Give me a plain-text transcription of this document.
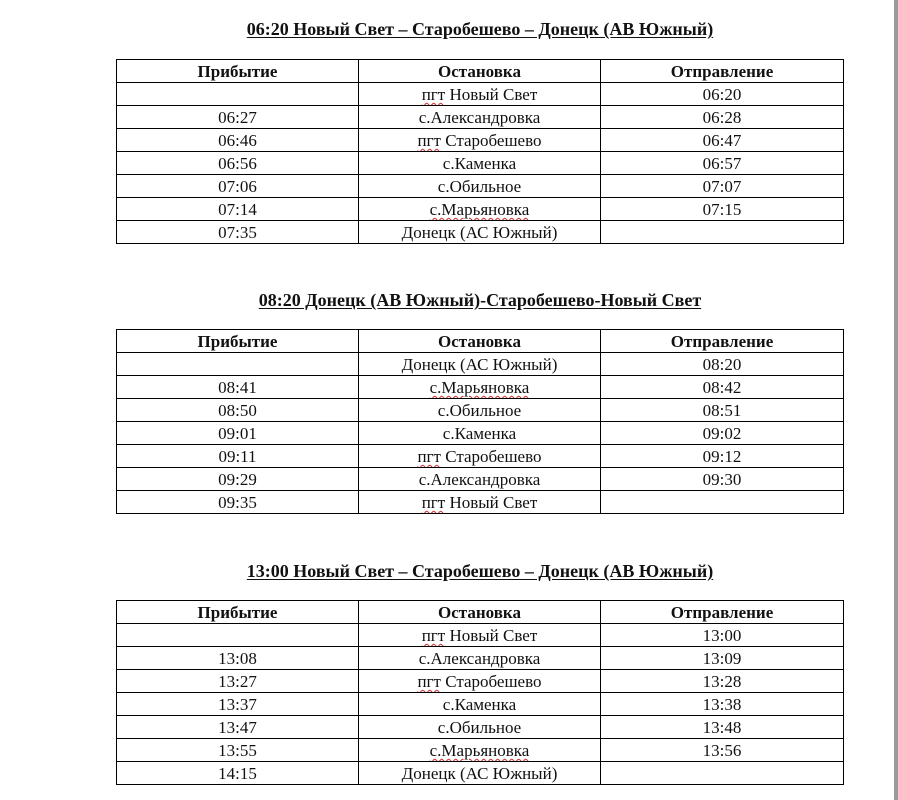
06:20 Новый Свет – Старобешево – Донецк (АВ Южный)
Прибытие	Остановка	Отправление
	пгт Новый Свет	06:20
06:27	с.Александровка	06:28
06:46	пгт Старобешево	06:47
06:56	с.Каменка	06:57
07:06	с.Обильное	07:07
07:14	с.Марьяновка	07:15
07:35	Донецк (АС Южный)	
08:20 Донецк (АВ Южный)-Старобешево-Новый Свет
Прибытие	Остановка	Отправление
	Донецк (АС Южный)	08:20
08:41	с.Марьяновка	08:42
08:50	с.Обильное	08:51
09:01	с.Каменка	09:02
09:11	пгт Старобешево	09:12
09:29	с.Александровка	09:30
09:35	пгт Новый Свет	
13:00 Новый Свет – Старобешево – Донецк (АВ Южный)
Прибытие	Остановка	Отправление
	пгт Новый Свет	13:00
13:08	с.Александровка	13:09
13:27	пгт Старобешево	13:28
13:37	с.Каменка	13:38
13:47	с.Обильное	13:48
13:55	с.Марьяновка	13:56
14:15	Донецк (АС Южный)	
